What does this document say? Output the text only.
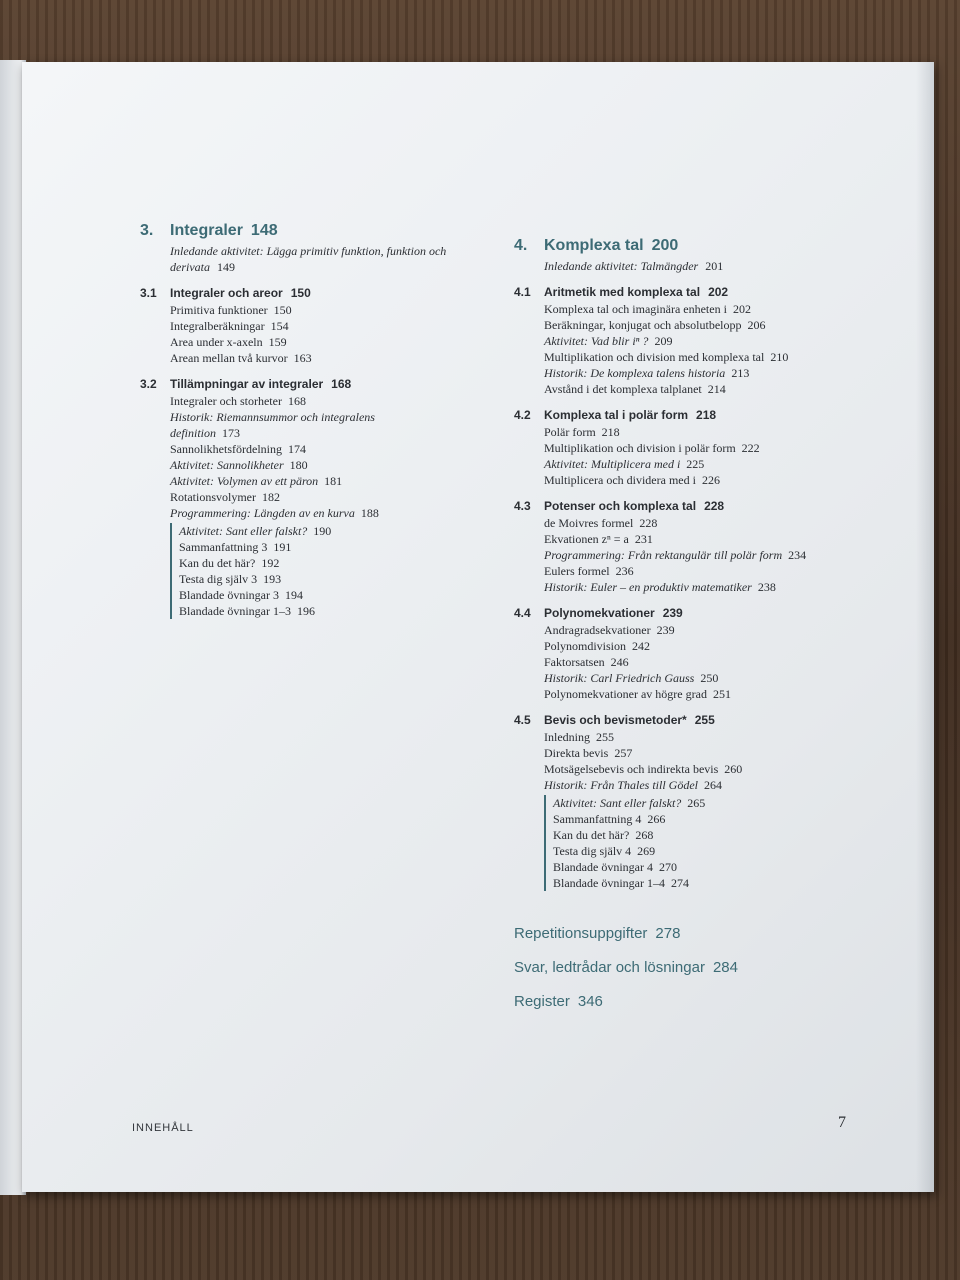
3. Integraler 148
Inledande aktivitet: Lägga primitiv funktion, funktion och derivata 149
3.1 Integraler och areor 150
Primitiva funktioner 150
Integralberäkningar 154
Area under x-axeln 159
Arean mellan två kurvor 163
3.2 Tillämpningar av integraler 168
Integraler och storheter 168
Historik: Riemannsummor och integralens definition 173
Sannolikhetsfördelning 174
Aktivitet: Sannolikheter 180
Aktivitet: Volymen av ett päron 181
Rotationsvolymer 182
Programmering: Längden av en kurva 188
Aktivitet: Sant eller falskt? 190
Sammanfattning 3 191
Kan du det här? 192
Testa dig själv 3 193
Blandade övningar 3 194
Blandade övningar 1–3 196
4. Komplexa tal 200
Inledande aktivitet: Talmängder 201
4.1 Aritmetik med komplexa tal 202
Komplexa tal och imaginära enheten i 202
Beräkningar, konjugat och absolutbelopp 206
Aktivitet: Vad blir iⁿ ? 209
Multiplikation och division med komplexa tal 210
Historik: De komplexa talens historia 213
Avstånd i det komplexa talplanet 214
4.2 Komplexa tal i polär form 218
Polär form 218
Multiplikation och division i polär form 222
Aktivitet: Multiplicera med i 225
Multiplicera och dividera med i 226
4.3 Potenser och komplexa tal 228
de Moivres formel 228
Ekvationen zⁿ = a 231
Programmering: Från rektangulär till polär form 234
Eulers formel 236
Historik: Euler – en produktiv matematiker 238
4.4 Polynomekvationer 239
Andragradsekvationer 239
Polynomdivision 242
Faktorsatsen 246
Historik: Carl Friedrich Gauss 250
Polynomekvationer av högre grad 251
4.5 Bevis och bevismetoder* 255
Inledning 255
Direkta bevis 257
Motsägelsebevis och indirekta bevis 260
Historik: Från Thales till Gödel 264
Aktivitet: Sant eller falskt? 265
Sammanfattning 4 266
Kan du det här? 268
Testa dig själv 4 269
Blandade övningar 4 270
Blandade övningar 1–4 274
Repetitionsuppgifter 278
Svar, ledtrådar och lösningar 284
Register 346
INNEHÅLL	7
